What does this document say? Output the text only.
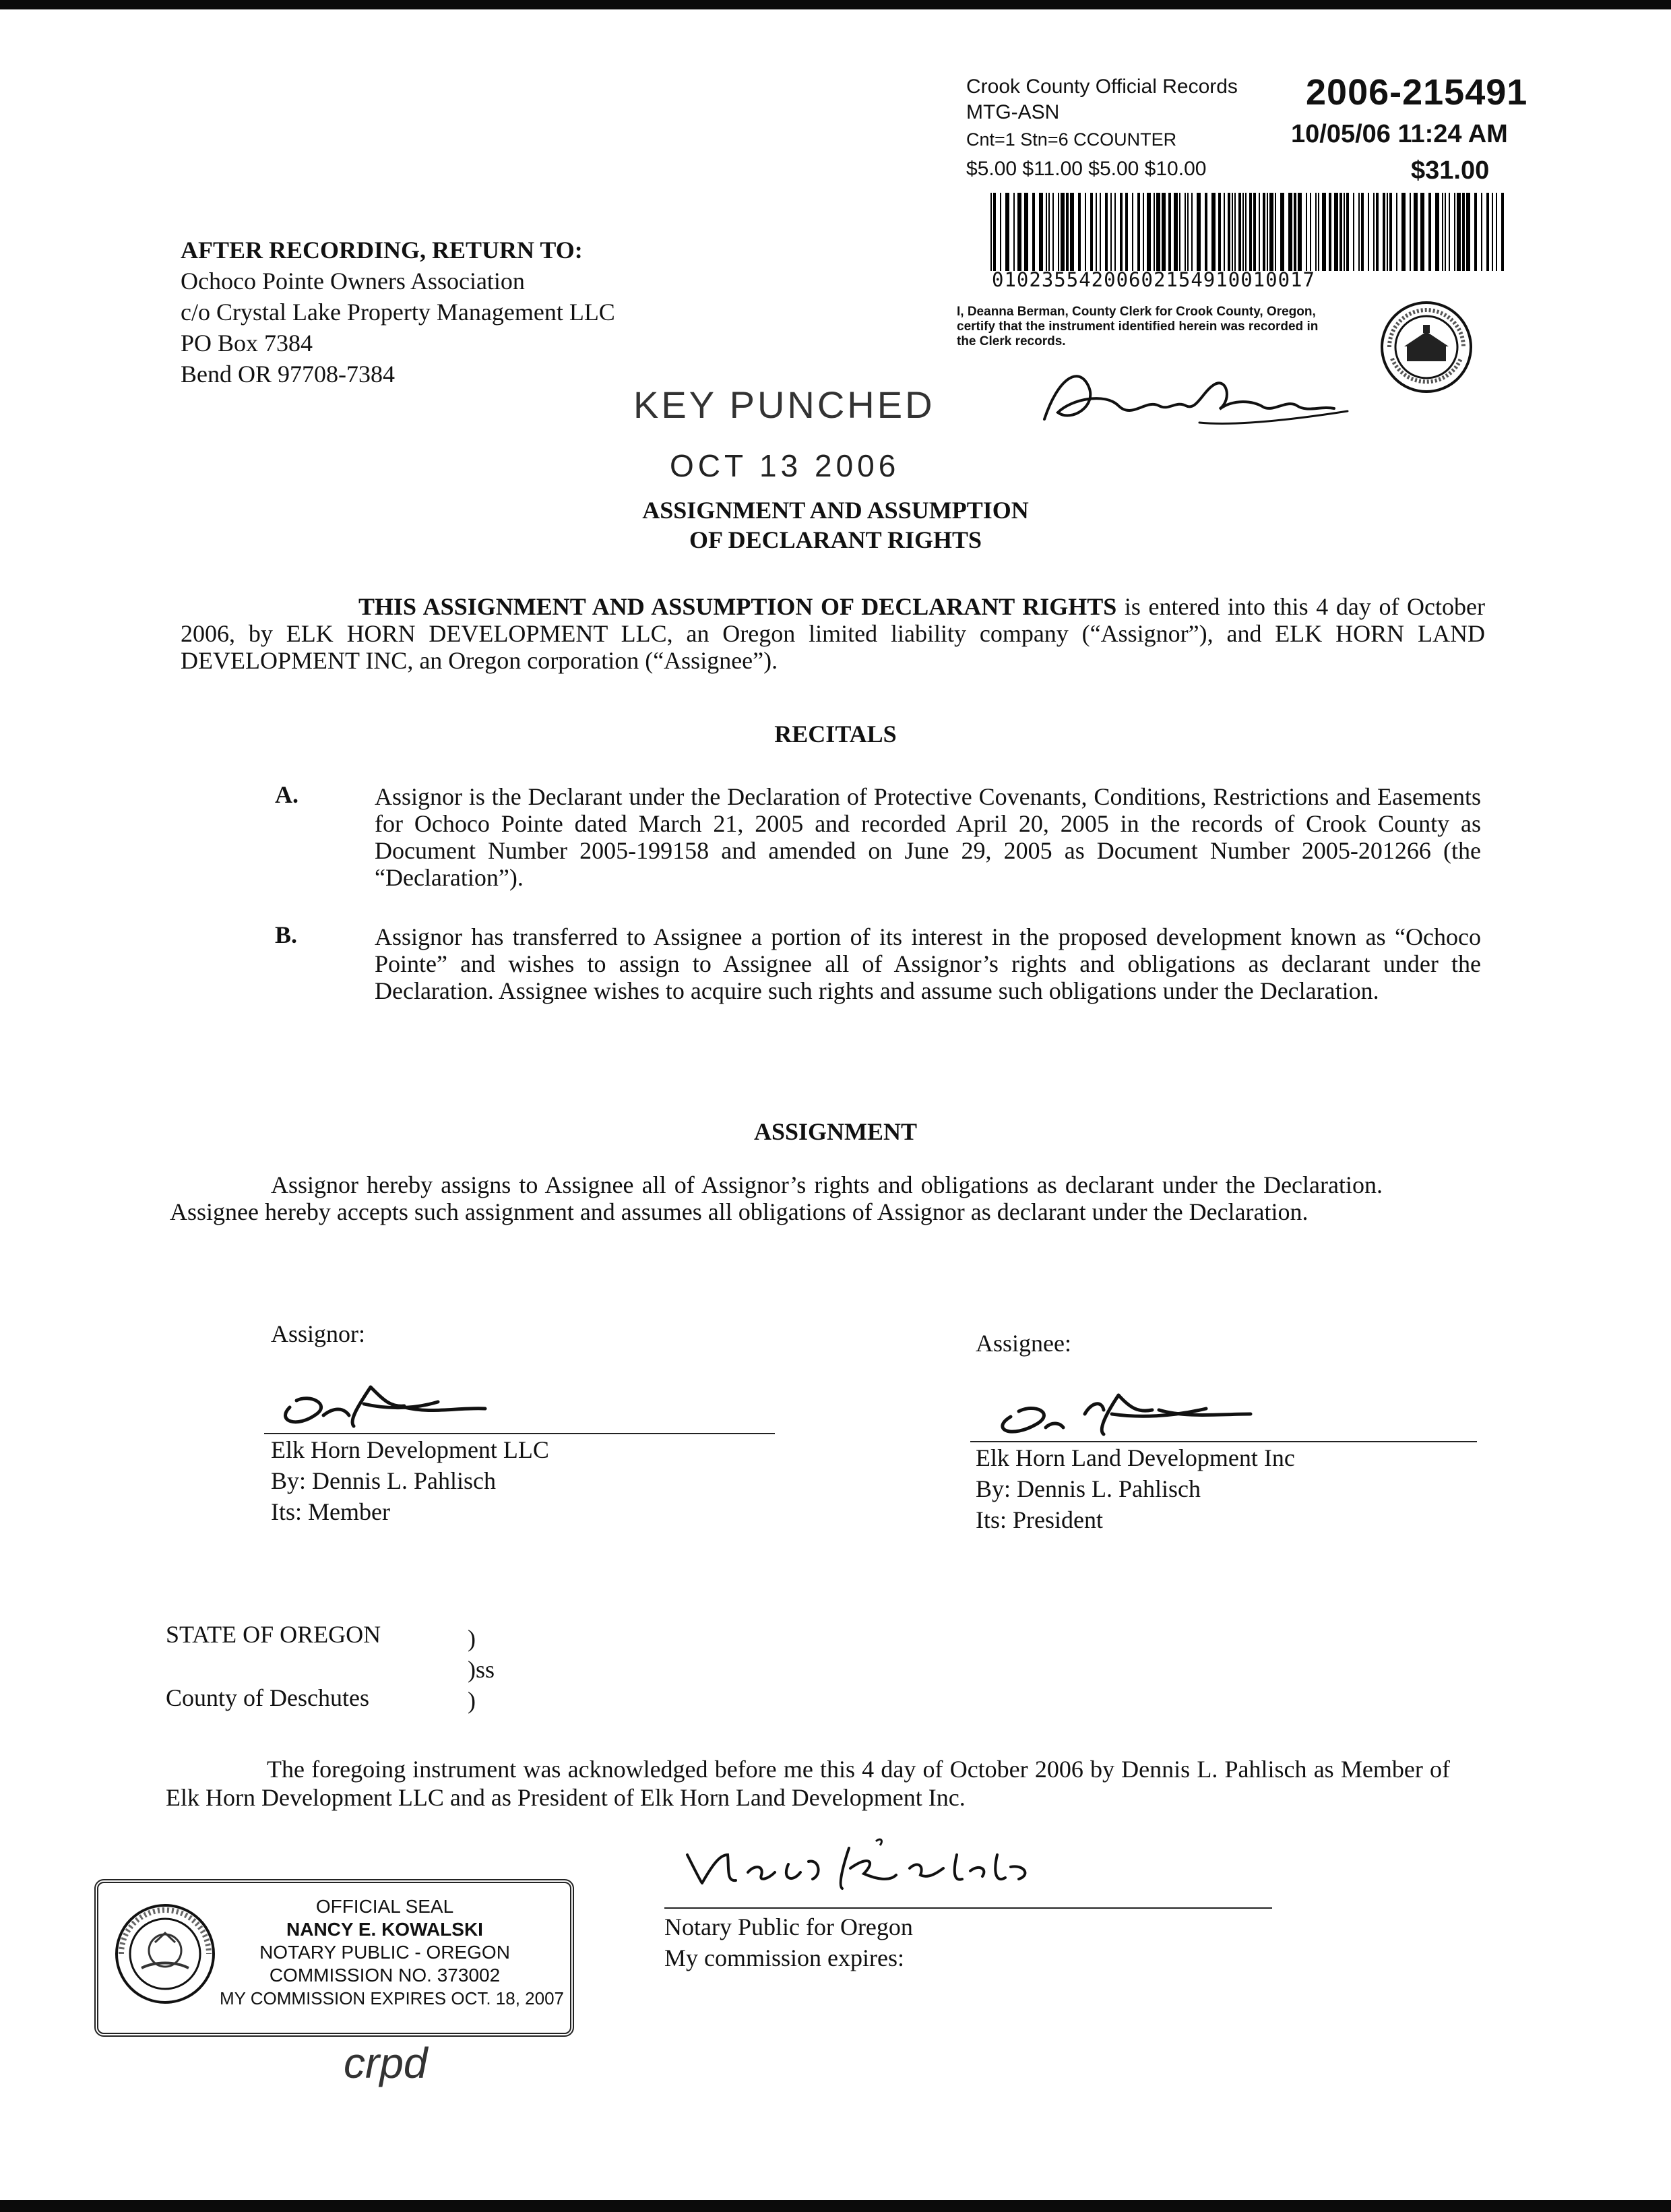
Crook County Official Records
MTG-ASN
Cnt=1 Stn=6 CCOUNTER
$5.00 $11.00 $5.00 $10.00
2006-215491
10/05/06 11:24 AM
$31.00
01023554200602154910010017
I, Deanna Berman, County Clerk for Crook County, Oregon, certify that the instrument identified herein was recorded in the Clerk records.
AFTER RECORDING, RETURN TO:
Ochoco Pointe Owners Association
c/o Crystal Lake Property Management LLC
PO Box 7384
Bend OR 97708-7384
KEY PUNCHED
OCT 13 2006
ASSIGNMENT AND ASSUMPTION
OF DECLARANT RIGHTS
THIS ASSIGNMENT AND ASSUMPTION OF DECLARANT RIGHTS is entered into this 4 day of October 2006, by ELK HORN DEVELOPMENT LLC, an Oregon limited liability company (“Assignor”), and ELK HORN LAND DEVELOPMENT INC, an Oregon corporation (“Assignee”).
RECITALS
A.	Assignor is the Declarant under the Declaration of Protective Covenants, Conditions, Restrictions and Easements for Ochoco Pointe dated March 21, 2005 and recorded April 20, 2005 in the records of Crook County as Document Number 2005-199158 and amended on June 29, 2005 as Document Number 2005-201266 (the “Declaration”).
B.	Assignor has transferred to Assignee a portion of its interest in the proposed development known as “Ochoco Pointe” and wishes to assign to Assignee all of Assignor’s rights and obligations as declarant under the Declaration. Assignee wishes to acquire such rights and assume such obligations under the Declaration.
ASSIGNMENT
Assignor hereby assigns to Assignee all of Assignor’s rights and obligations as declarant under the Declaration. Assignee hereby accepts such assignment and assumes all obligations of Assignor as declarant under the Declaration.
Assignor:
Elk Horn Development LLC
By: Dennis L. Pahlisch
Its: Member
Assignee:
Elk Horn Land Development Inc
By: Dennis L. Pahlisch
Its: President
STATE OF OREGON	)
)ss
County of Deschutes	)
The foregoing instrument was acknowledged before me this 4 day of October 2006 by Dennis L. Pahlisch as Member of Elk Horn Development LLC and as President of Elk Horn Land Development Inc.
Notary Public for Oregon
My commission expires:
OFFICIAL SEAL
NANCY E. KOWALSKI
NOTARY PUBLIC - OREGON
COMMISSION NO. 373002
MY COMMISSION EXPIRES OCT. 18, 2007
crpd
